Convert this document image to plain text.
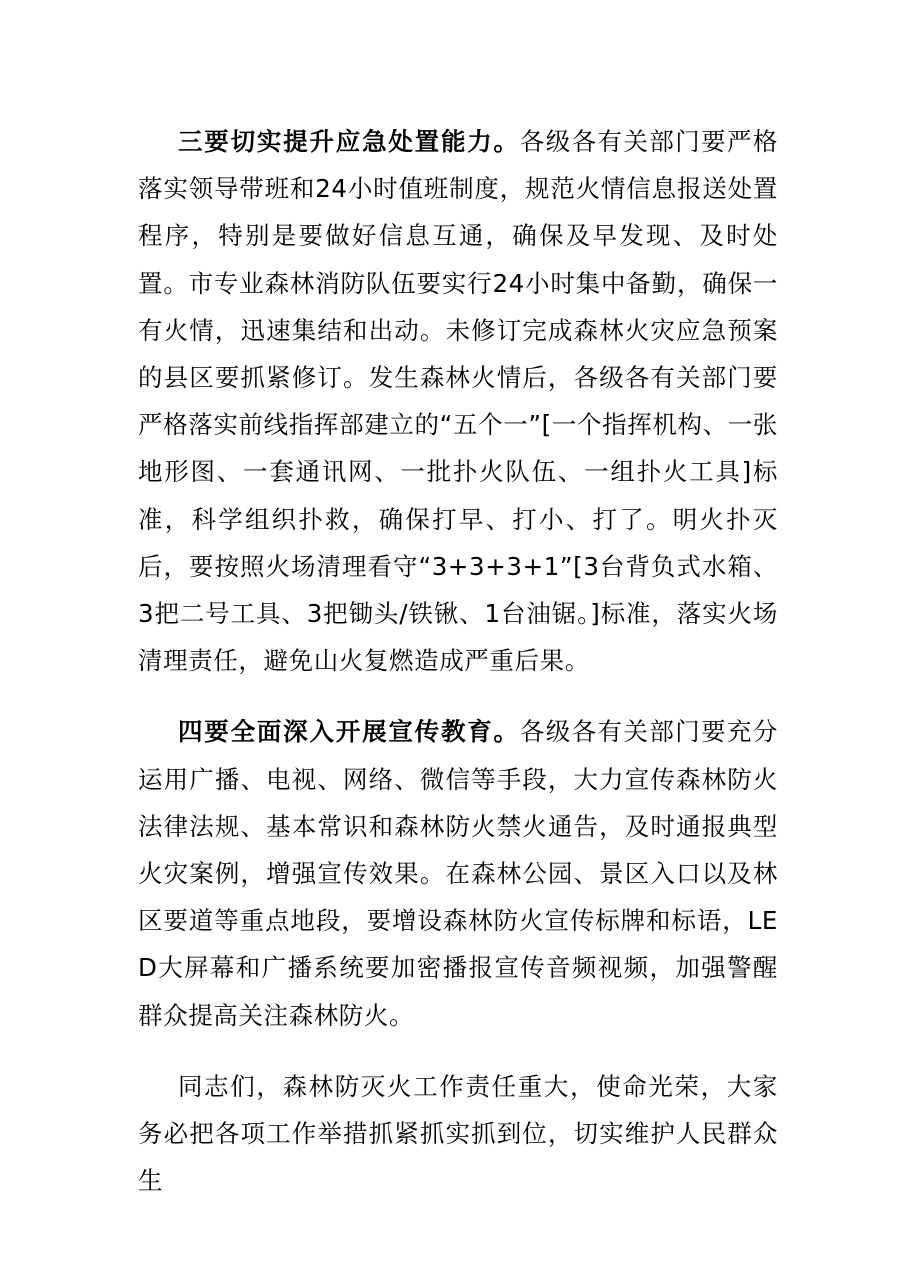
三要切实提升应急处置能力。各级各有关部门要严格落实领导带班和24小时值班制度，规范火情信息报送处置程序，特别是要做好信息互通，确保及早发现、及时处置。市专业森林消防队伍要实行24小时集中备勤，确保一有火情，迅速集结和出动。未修订完成森林火灾应急预案的县区要抓紧修订。发生森林火情后，各级各有关部门要严格落实前线指挥部建立的“五个一”[一个指挥机构、一张地形图、一套通讯网、一批扑火队伍、一组扑火工具]标准，科学组织扑救，确保打早、打小、打了。明火扑灭后，要按照火场清理看守“3+3+3+1”[3台背负式水箱、3把二号工具、3把锄头/铁锹、1台油锯。]标准，落实火场清理责任，避免山火复燃造成严重后果。

四要全面深入开展宣传教育。各级各有关部门要充分运用广播、电视、网络、微信等手段，大力宣传森林防火法律法规、基本常识和森林防火禁火通告，及时通报典型火灾案例，增强宣传效果。在森林公园、景区入口以及林区要道等重点地段，要增设森林防火宣传标牌和标语，LED大屏幕和广播系统要加密播报宣传音频视频，加强警醒群众提高关注森林防火。

同志们，森林防灭火工作责任重大，使命光荣，大家务必把各项工作举措抓紧抓实抓到位，切实维护人民群众生
